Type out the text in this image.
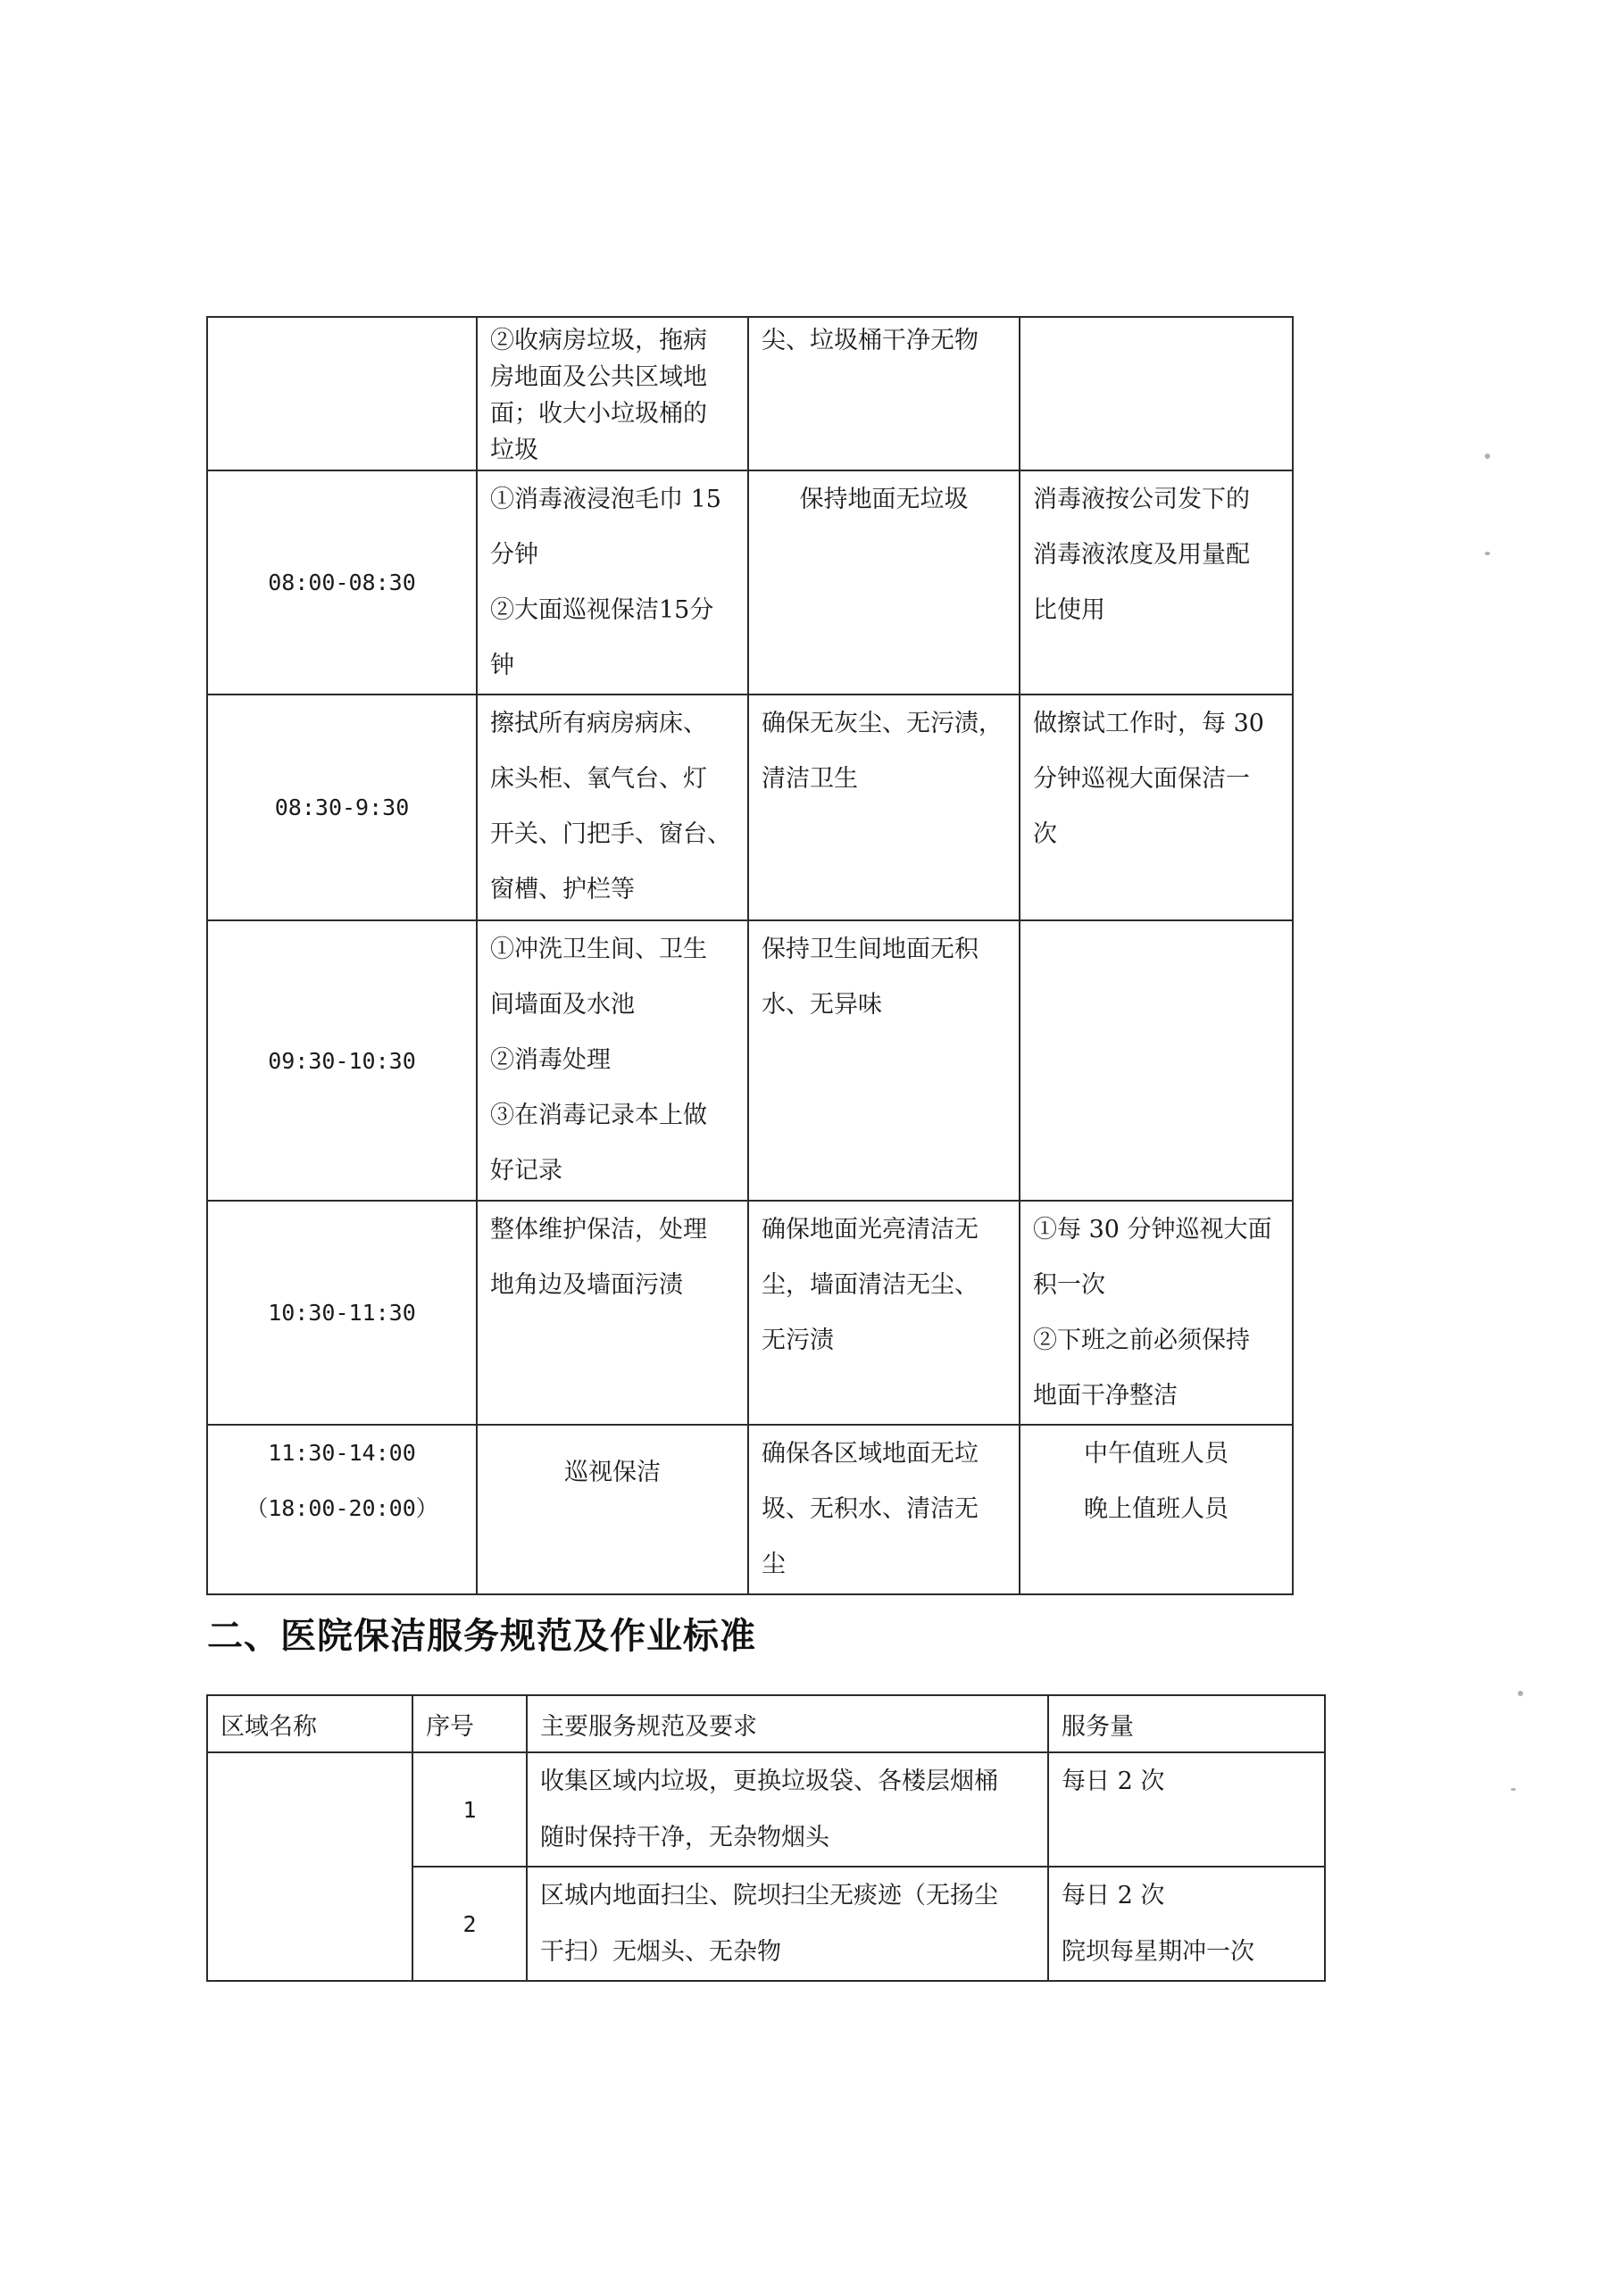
	②收病房垃圾，拖病
房地面及公共区域地
面；收大小垃圾桶的
垃圾	尖、垃圾桶干净无物	

08:00-08:30	①消毒液浸泡毛巾 15
分钟
②大面巡视保洁15分
钟	保持地面无垃圾	消毒液按公司发下的
消毒液浓度及用量配
比使用

08:30-9:30	擦拭所有病房病床、
床头柜、氧气台、灯
开关、门把手、窗台、
窗槽、护栏等	确保无灰尘、无污渍，
清洁卫生	做擦试工作时，每 30
分钟巡视大面保洁一
次

09:30-10:30	①冲洗卫生间、卫生
间墙面及水池
②消毒处理
③在消毒记录本上做
好记录	保持卫生间地面无积
水、无异味	

10:30-11:30	整体维护保洁，处理
地角边及墙面污渍	确保地面光亮清洁无
尘，墙面清洁无尘、
无污渍	①每 30 分钟巡视大面
积一次
②下班之前必须保持
地面干净整洁

11:30-14:00
（18:00-20:00）	巡视保洁	确保各区域地面无垃
圾、无积水、清洁无
尘	中午值班人员
晚上值班人员
二、医院保洁服务规范及作业标准
区域名称	序号	主要服务规范及要求	服务量
	1	收集区域内垃圾，更换垃圾袋、各楼层烟桶
随时保持干净，无杂物烟头	每日 2 次

	2	区城内地面扫尘、院坝扫尘无痰迹（无扬尘
干扫）无烟头、无杂物	每日 2 次
院坝每星期冲一次
